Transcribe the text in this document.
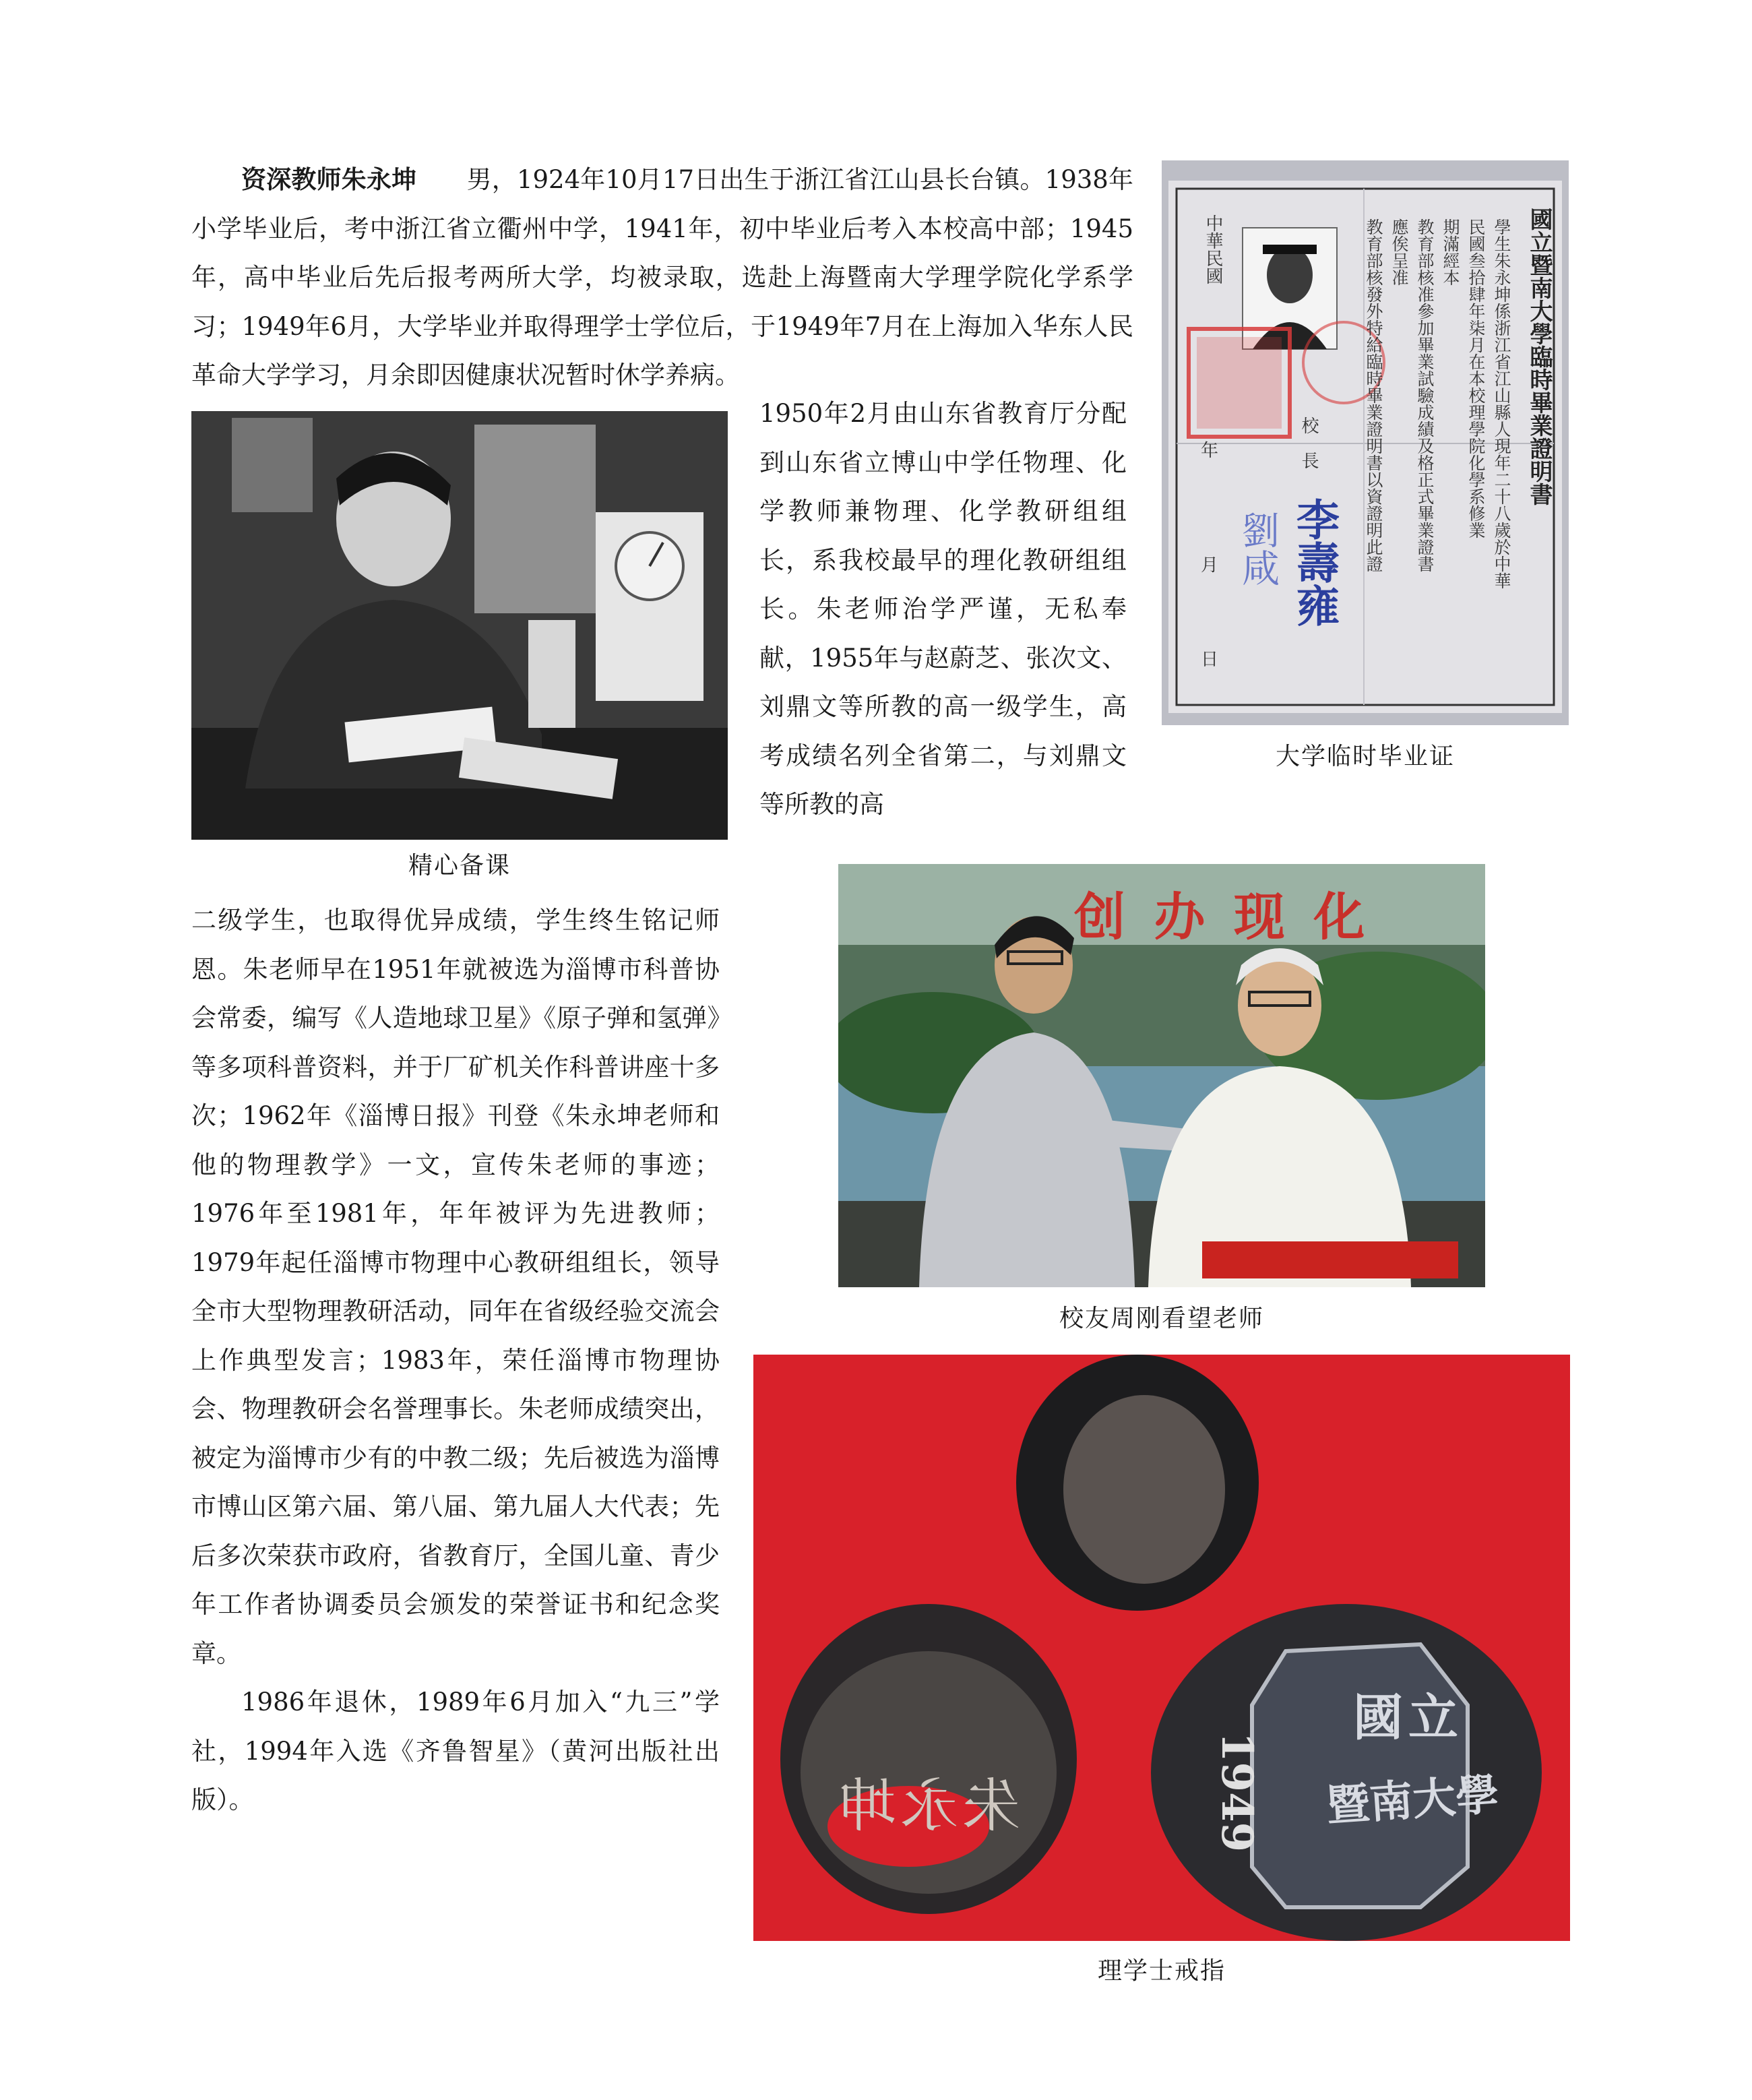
资深教师朱永坤　　 男，1924年10月17日出生于浙江省江山县长台镇。1938年小学毕业后，考中浙江省立衢州中学，1941年，初中毕业后考入本校高中部；1945年，高中毕业后先后报考两所大学，均被录取，选赴上海暨南大学理学院化学系学习；1949年6月，大学毕业并取得理学士学位后，于1949年7月在上海加入华东人民革命大学学习，月余即因健康状况暂时休学养病。

1950年2月由山东省教育厅分配到山东省立博山中学任物理、化学教师兼物理、化学教研组组长，系我校最早的理化教研组组长。朱老师治学严谨，无私奉献，1955年与赵蔚芝、张次文、刘鼎文等所教的高一级学生，高考成绩名列全省第二，与刘鼎文等所教的高

二级学生，也取得优异成绩，学生终生铭记师恩。朱老师早在1951年就被选为淄博市科普协会常委，编写《人造地球卫星》《原子弹和氢弹》等多项科普资料，并于厂矿机关作科普讲座十多次；1962年《淄博日报》刊登《朱永坤老师和他的物理教学》一文，宣传朱老师的事迹；1976年至1981年，年年被评为先进教师；1979年起任淄博市物理中心教研组组长，领导全市大型物理教研活动，同年在省级经验交流会上作典型发言；1983年，荣任淄博市物理协会、物理教研会名誉理事长。朱老师成绩突出，被定为淄博市少有的中教二级；先后被选为淄博市博山区第六届、第八届、第九届人大代表；先后多次荣获市政府，省教育厅，全国儿童、青少年工作者协调委员会颁发的荣誉证书和纪念奖章。

1986年退休，1989年6月加入“九三”学社，1994年入选《齐鲁智星》（黄河出版社出版）。

精心备课
國立暨南大學臨時畢業證明書
學生朱永坤係浙江省江山縣人現年二十八歲於中華
民國叁拾肆年柒月在本校理學院化學系修業
期滿經本
教育部核准參加畢業試驗成績及格正式畢業證書
應俟呈准
教育部核發外特給臨時畢業證明書以資證明此證
校　長
李壽雍
劉咸
中華民國
年
月
日
大学临时毕业证
创 办 现 化
校友周刚看望老师
朱永坤
國立
暨南大學
1949
理学士戒指
